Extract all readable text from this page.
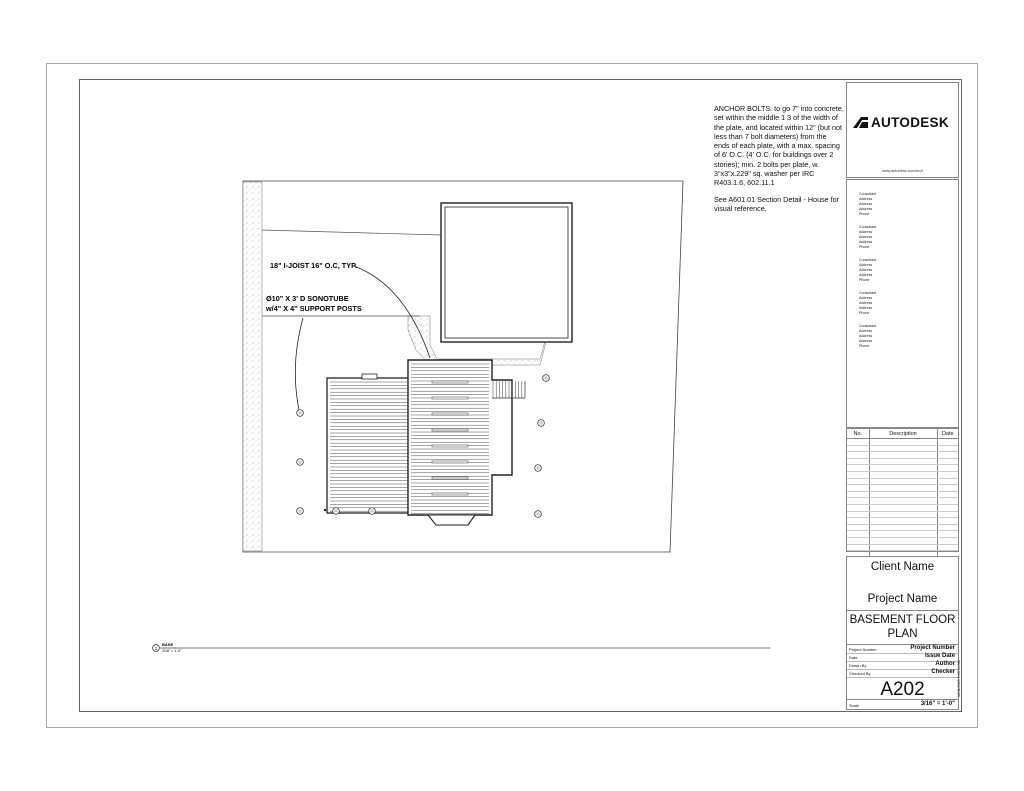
1
BASE
3/16" = 1'-0"
18" I-JOIST 16" O.C, TYP.
Ø10" X 3' D SONOTUBE
w/4" X 4" SUPPORT POSTS

ANCHOR BOLTS: to go 7" into concrete, set within the middle 1 3 of the width of the plate, and located within 12" (but not less than 7 bolt diameters) from the ends of each plate, with a max. spacing of 6' O.C. (4' O.C. for buildings over 2 stories); min. 2 bolts per plate, w. 3"x3"x.229" sq. washer per IRC R403.1.6, 602.11.1

See A601.01 Section Detail - House for visual reference.

AUTODESK
www.autodesk.com/revit
Consultant
Address
Address
Address
Phone
Consultant
Address
Address
Address
Phone
Consultant
Address
Address
Address
Phone
Consultant
Address
Address
Address
Phone
Consultant
Address
Address
Address
Phone
No.	Description	Date

Client Name
Project Name
BASEMENT FLOOR PLAN
Project Number	Project Number
Date	Issue Date
Drawn By	Author
Checked By	Checker
A202
Scale	3/16" = 1'-0"
12/11/2025 5:03:34 AM
